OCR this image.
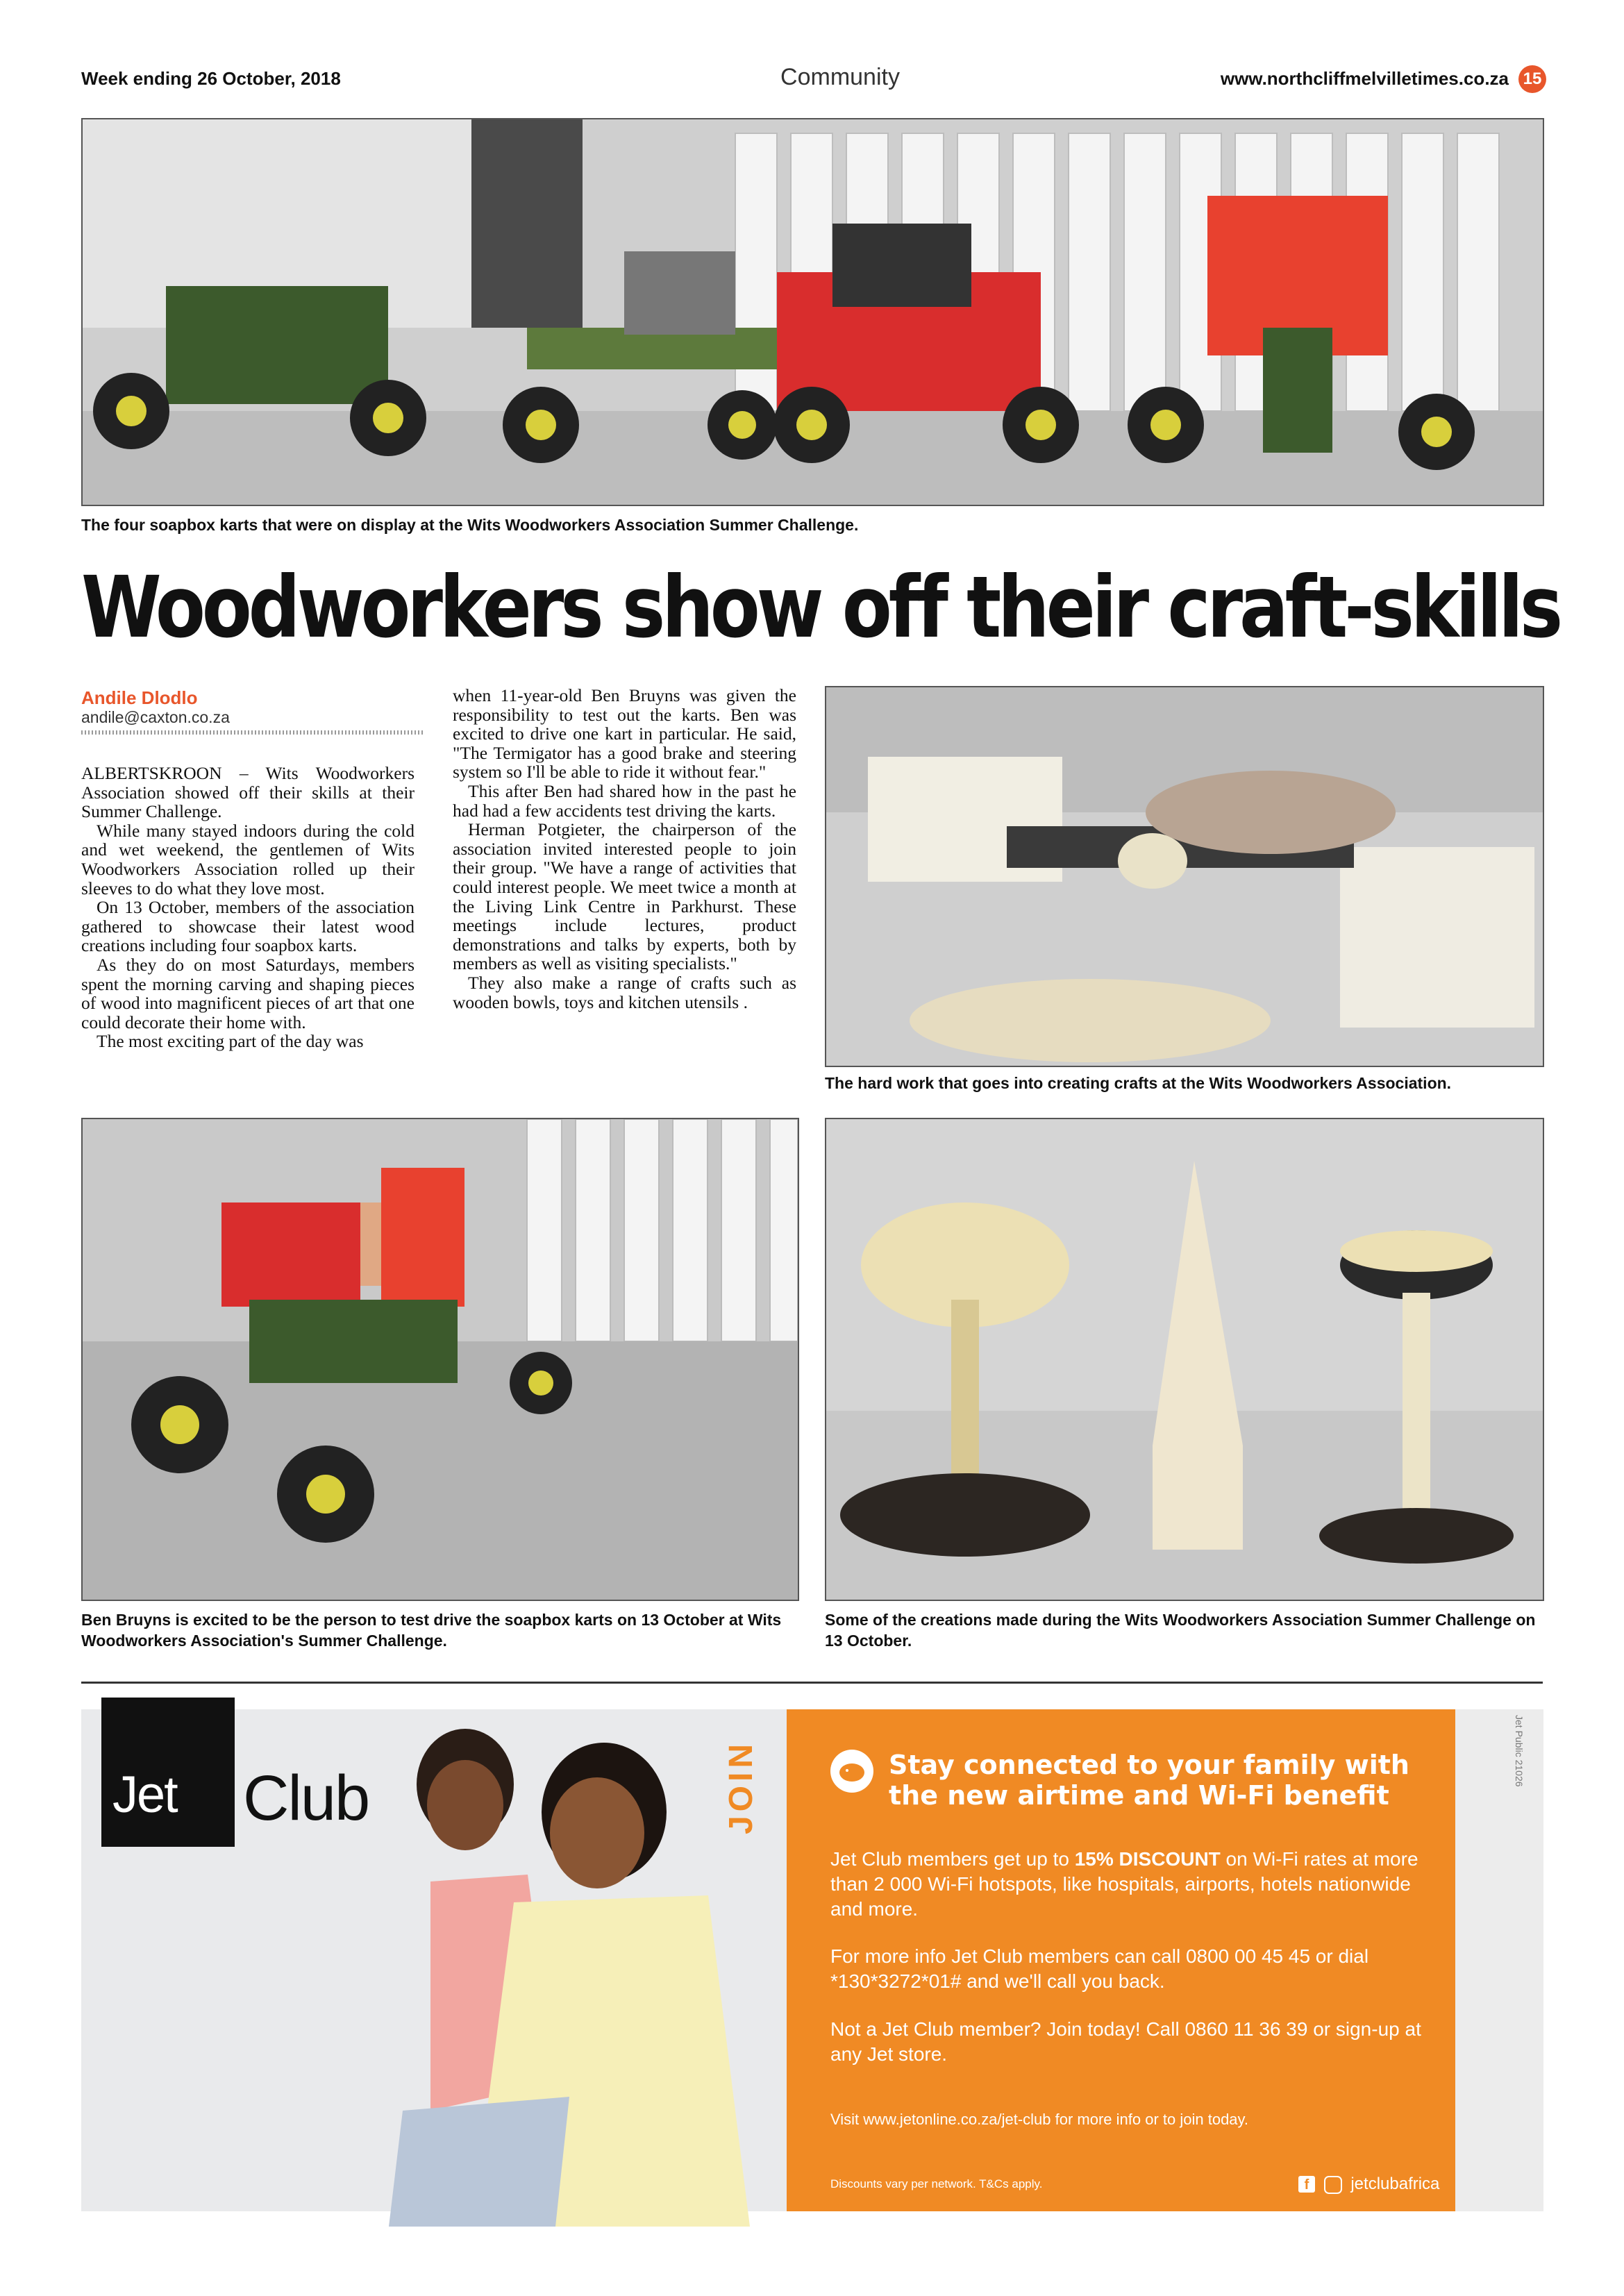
Week ending 26 October, 2018	Community	www.northcliffmelvilletimes.co.za 15
The four soapbox karts that were on display at the Wits Woodworkers Association Summer Challenge.
Woodworkers show off their craft-skills
Andile Dlodlo
andile@caxton.co.za

ALBERTSKROON – Wits Woodworkers Association showed off their skills at their Summer Challenge.

While many stayed indoors during the cold and wet weekend, the gentlemen of Wits Woodworkers Association rolled up their sleeves to do what they love most.

On 13 October, members of the association gathered to showcase their latest wood creations including four soapbox karts.

As they do on most Saturdays, members spent the morning carving and shaping pieces of wood into magnificent pieces of art that one could decorate their home with.

The most exciting part of the day was

when 11-year-old Ben Bruyns was given the responsibility to test out the karts. Ben was excited to drive one kart in particular. He said, "The Termigator has a good brake and steering system so I'll be able to ride it without fear."

This after Ben had shared how in the past he had had a few accidents test driving the karts.

Herman Potgieter, the chairperson of the association invited interested people to join their group. "We have a range of activities that could interest people. We meet twice a month at the Living Link Centre in Parkhurst. These meetings include lectures, product demonstrations and talks by experts, both by members as well as visiting specialists."

They also make a range of crafts such as wooden bowls, toys and kitchen utensils .

The hard work that goes into creating crafts at the Wits Woodworkers Association.
Ben Bruyns is excited to be the person to test drive the soapbox karts on 13 October at Wits Woodworkers Association's Summer Challenge.
Some of the creations made during the Wits Woodworkers Association Summer Challenge on 13 October.
Jet Club	JOIN	Stay connected to your family with the new airtime and Wi-Fi benefit
Jet Club members get up to 15% DISCOUNT on Wi-Fi rates at more than 2 000 Wi-Fi hotspots, like hospitals, airports, hotels nationwide and more.
For more info Jet Club members can call 0800 00 45 45 or dial *130*3272*01# and we'll call you back.
Not a Jet Club member? Join today! Call 0860 11 36 39 or sign-up at any Jet store.
Visit www.jetonline.co.za/jet-club for more info or to join today.
Discounts vary per network. T&Cs apply.	f	jetclubafrica
Jet Public 21026
